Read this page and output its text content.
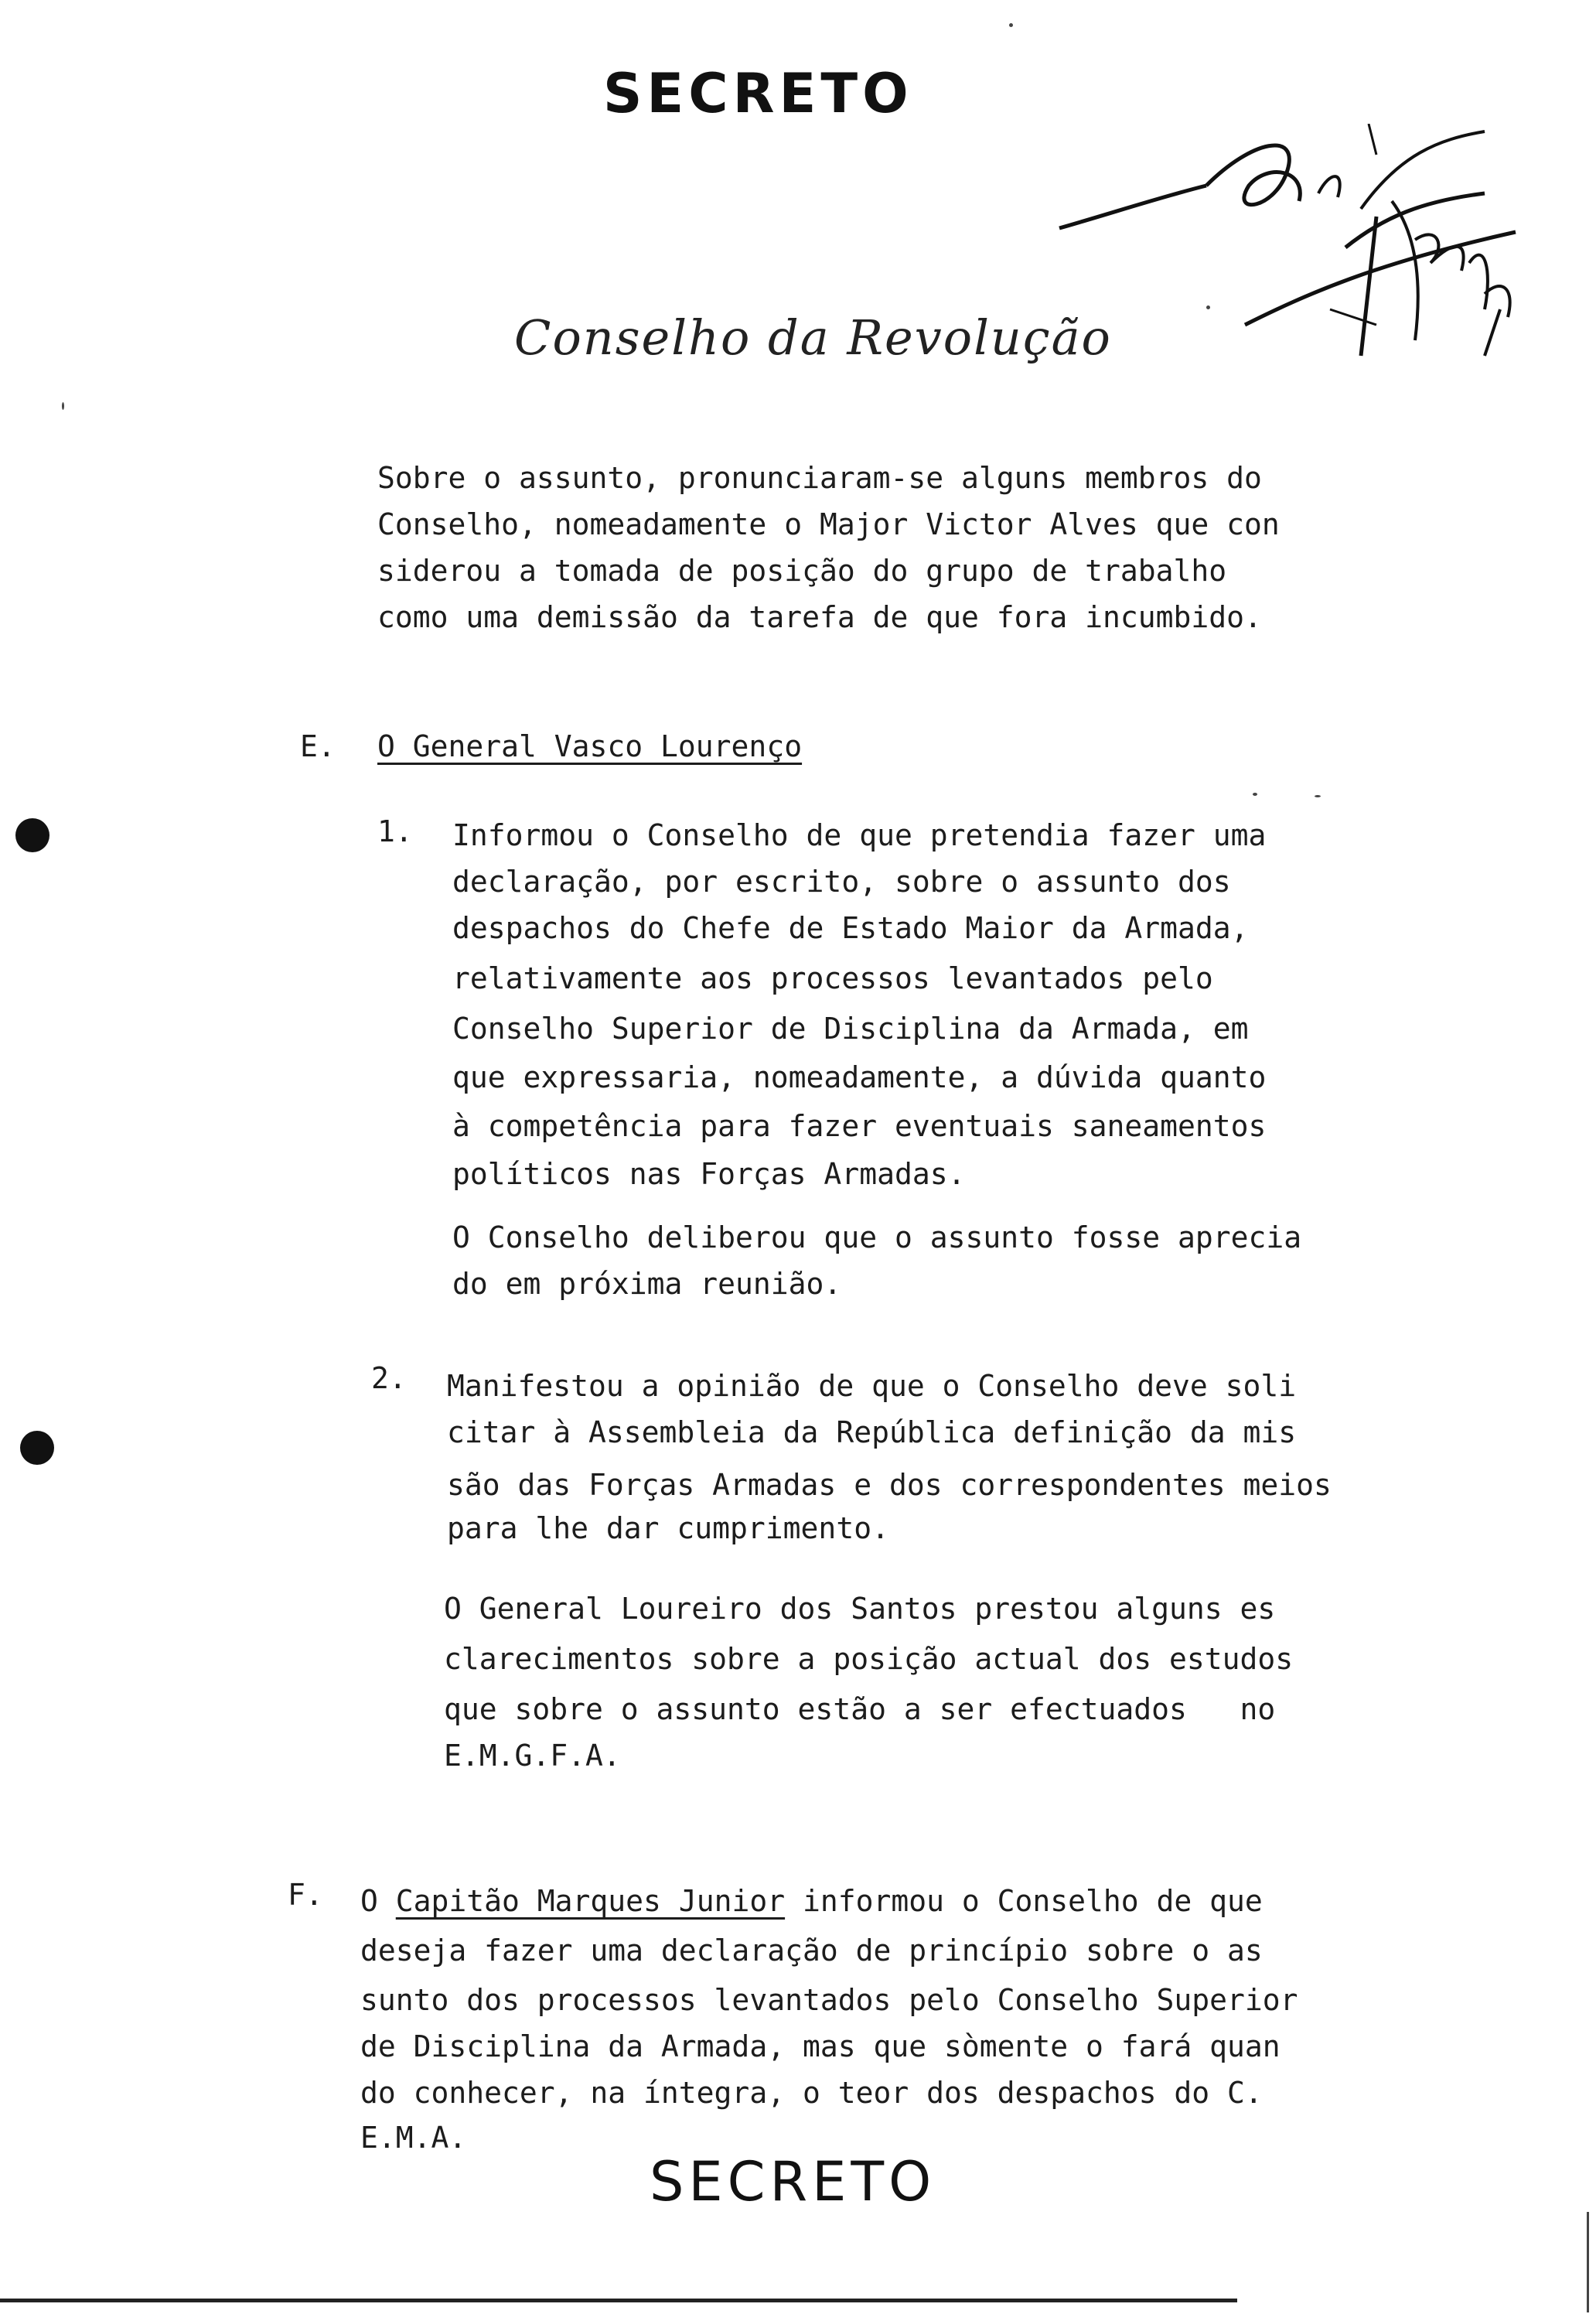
SECRETO
Conselho da Revolução
Sobre o assunto, pronunciaram-se alguns membros do
Conselho, nomeadamente o Major Victor Alves que con
siderou a tomada de posição do grupo de trabalho
como uma demissão da tarefa de que fora incumbido.
E. O General Vasco Lourenço
1. Informou o Conselho de que pretendia fazer uma
declaração, por escrito, sobre o assunto dos
despachos do Chefe de Estado Maior da Armada,
relativamente aos processos levantados pelo
Conselho Superior de Disciplina da Armada, em
que expressaria, nomeadamente, a dúvida quanto
à competência para fazer eventuais saneamentos
políticos nas Forças Armadas.
O Conselho deliberou que o assunto fosse aprecia
do em próxima reunião.
2. Manifestou a opinião de que o Conselho deve soli
citar à Assembleia da República definição da mis
são das Forças Armadas e dos correspondentes meios
para lhe dar cumprimento.
O General Loureiro dos Santos prestou alguns es
clarecimentos sobre a posição actual dos estudos
que sobre o assunto estão a ser efectuados   no
E.M.G.F.A.
F. O Capitão Marques Junior informou o Conselho de que
deseja fazer uma declaração de princípio sobre o as
sunto dos processos levantados pelo Conselho Superior
de Disciplina da Armada, mas que sòmente o fará quan
do conhecer, na íntegra, o teor dos despachos do C.
E.M.A.
SECRETO
